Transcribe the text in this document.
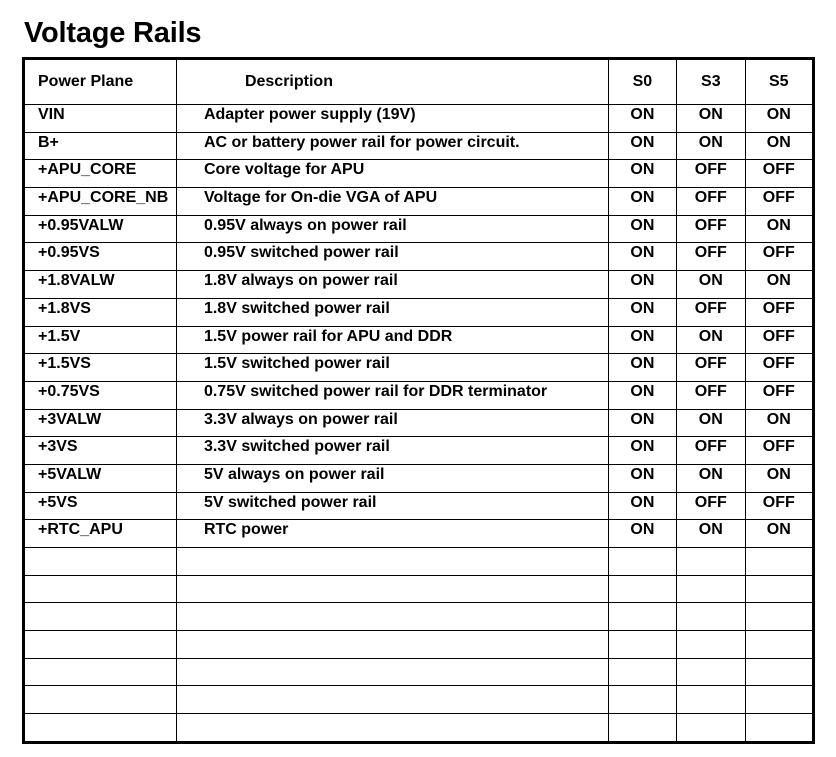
Voltage Rails
Power Plane	Description	S0	S3	S5
VIN	Adapter power supply (19V)	ON	ON	ON
B+	AC or battery power rail for power circuit.	ON	ON	ON
+APU_CORE	Core voltage for APU	ON	OFF	OFF
+APU_CORE_NB	Voltage for On-die VGA of APU	ON	OFF	OFF
+0.95VALW	0.95V always on power rail	ON	OFF	ON
+0.95VS	0.95V switched power rail	ON	OFF	OFF
+1.8VALW	1.8V always on power rail	ON	ON	ON
+1.8VS	1.8V switched power rail	ON	OFF	OFF
+1.5V	1.5V power rail for APU and DDR	ON	ON	OFF
+1.5VS	1.5V switched power rail	ON	OFF	OFF
+0.75VS	0.75V switched power rail for DDR terminator	ON	OFF	OFF
+3VALW	3.3V always on power rail	ON	ON	ON
+3VS	3.3V switched power rail	ON	OFF	OFF
+5VALW	5V always on power rail	ON	ON	ON
+5VS	5V switched power rail	ON	OFF	OFF
+RTC_APU	RTC power	ON	ON	ON
